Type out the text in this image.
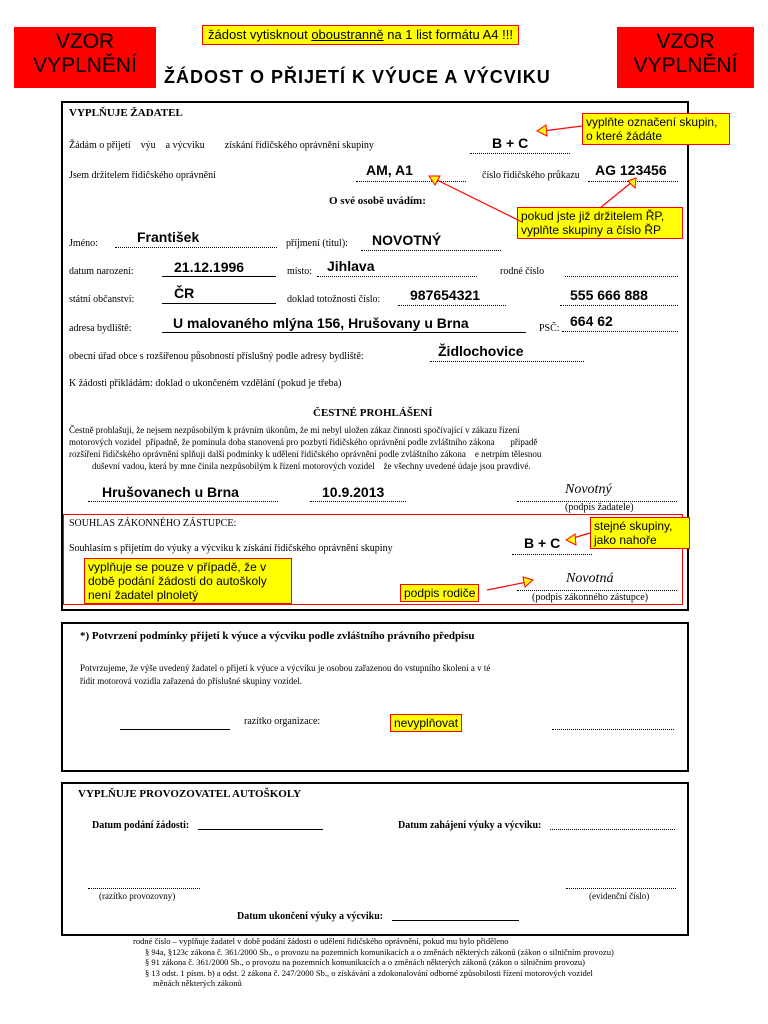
VZOR VYPLNĚNÍ
VZOR VYPLNĚNÍ
žádost vytisknout oboustranně na 1 list formátu A4 !!!
ŽÁDOST O PŘIJETÍ K VÝUCE A VÝCVIKU
VYPLŇUJE ŽADATEL
Žádám o přijetí    výu    a výcviku        získání řidičského oprávnění skupiny	B + C
Jsem držitelem řidičského oprávnění	AM, A1	číslo řidičského průkazu AG 123456
O své osobě uvádím:
Jméno:	František	příjmení (titul): NOVOTNÝ
datum narození:	21.12.1996	místo: Jihlava	rodné číslo
státní občanství:	ČR	doklad totožnosti číslo: 987654321	555 666 888
adresa bydliště:	U malovaného mlýna 156, Hrušovany u Brna	PSČ: 664 62
obecní úřad obce s rozšířenou působností příslušný podle adresy bydliště:	Židlochovice
K žádosti přikládám: doklad o ukončeném vzdělání (pokud je třeba)
ČESTNÉ PROHLÁŠENÍ
Čestně prohlašuji, že nejsem nezpůsobilým k právním úkonům, že mi nebyl uložen zákaz činnosti spočívající v zákazu řízení
motorových vozidel  případně, že pominula doba stanovená pro pozbytí řidičského oprávnění podle zvláštního zákona       případě
rozšíření řidičského oprávnění splňuji další podmínky k udělení řidičského oprávnění podle zvláštního zákona    e netrpím tělesnou
duševní vadou, která by mne činila nezpůsobilým k řízení motorových vozidel    že všechny uvedené údaje jsou pravdivé.
Hrušovanech u Brna	10.9.2013	Novotný
(podpis žadatele)
SOUHLAS ZÁKONNÉHO ZÁSTUPCE:
Souhlasím s přijetím do výuky a výcviku k získání řidičského oprávnění skupiny	B + C
Novotná
(podpis zákonného zástupce)
vyplňte označení skupin, o které žádáte
pokud jste již držitelem ŘP, vyplňte skupiny a číslo ŘP
stejné skupiny, jako nahoře
vyplňuje se pouze v případě, že v době podání žádosti do autoškoly není žadatel plnoletý	podpis rodiče
*) Potvrzení podmínky přijetí k výuce a výcviku podle zvláštního právního předpisu
Potvrzujeme, že výše uvedený žadatel o přijetí k výuce a výcviku je osobou zařazenou do vstupního školení a v té
řídit motorová vozidla zařazená do příslušné skupiny vozidel.
razítko organizace:	nevyplňovat
VYPLŇUJE PROVOZOVATEL AUTOŠKOLY
Datum podání žádosti:	Datum zahájení výuky a výcviku:
(razítko provozovny)	(evidenční číslo)
Datum ukončení výuky a výcviku:
rodné číslo – vyplňuje žadatel v době podání žádosti o udělení řidičského oprávnění, pokud mu bylo přiděleno
§ 94a, §123c zákona č. 361/2000 Sb., o provozu na pozemních komunikacích a o změnách některých zákonů (zákon o silničním provozu)
§ 91 zákona č. 361/2000 Sb., o provozu na pozemních komunikacích a o změnách některých zákonů (zákon o silničním provozu)
§ 13 odst. 1 písm. b) a odst. 2 zákona č. 247/2000 Sb., o získávání a zdokonalování odborné způsobilosti řízení motorových vozidel
měnách některých zákonů
